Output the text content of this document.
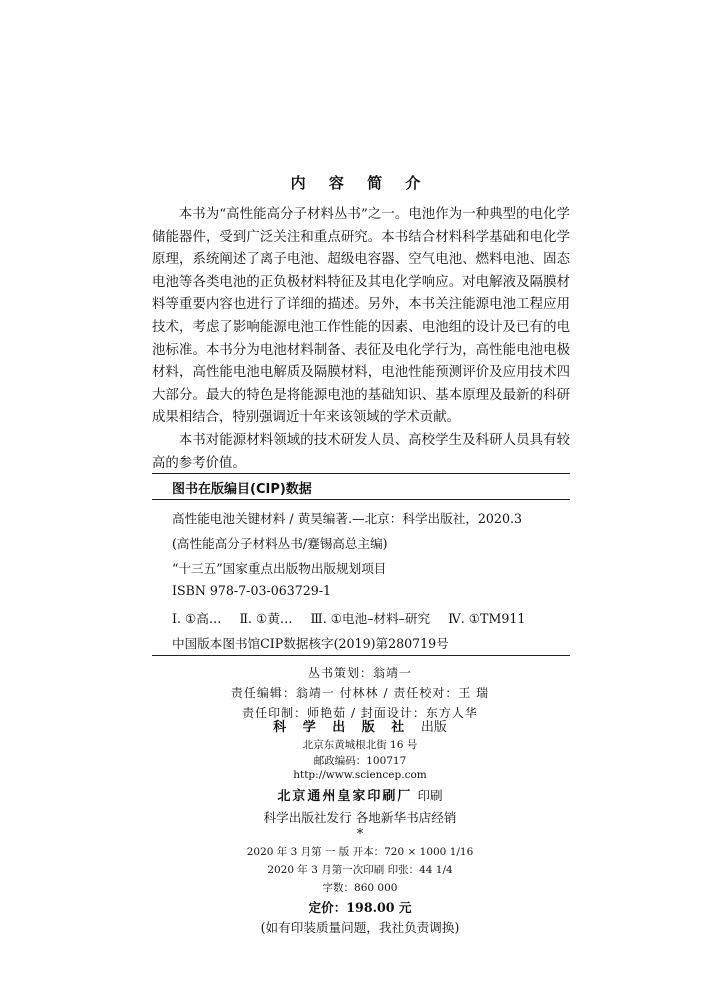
内 容 简 介

本书为“高性能高分子材料丛书”之一。电池作为一种典型的电化学储能器件，受到广泛关注和重点研究。本书结合材料科学基础和电化学原理，系统阐述了离子电池、超级电容器、空气电池、燃料电池、固态电池等各类电池的正负极材料特征及其电化学响应。对电解液及隔膜材料等重要内容也进行了详细的描述。另外，本书关注能源电池工程应用技术，考虑了影响能源电池工作性能的因素、电池组的设计及已有的电池标准。本书分为电池材料制备、表征及电化学行为，高性能电池电极材料，高性能电池电解质及隔膜材料，电池性能预测评价及应用技术四大部分。最大的特色是将能源电池的基础知识、基本原理及最新的科研成果相结合，特别强调近十年来该领域的学术贡献。

本书对能源材料领域的技术研发人员、高校学生及科研人员具有较高的参考价值。

图书在版编目(CIP)数据
高性能电池关键材料 / 黄昊编著.—北京：科学出版社，2020.3
(高性能高分子材料丛书/蹇锡高总主编)
“十三五”国家重点出版物出版规划项目
ISBN 978-7-03-063729-1
Ⅰ. ①高… Ⅱ. ①黄… Ⅲ. ①电池–材料–研究 Ⅳ. ①TM911
中国版本图书馆CIP数据核字(2019)第280719号
丛书策划：翁靖一
责任编辑：翁靖一 付林林 / 责任校对：王 瑞
责任印制：师艳茹 / 封面设计：东方人华
科 学 出 版 社 出版
北京东黄城根北街 16 号
邮政编码：100717
http://www.sciencep.com
北京通州皇家印刷厂 印刷
科学出版社发行 各地新华书店经销
*
2020 年 3 月第 一 版 开本：720 × 1000 1/16
2020 年 3 月第一次印刷 印张：44 1/4
字数：860 000
定价：198.00 元
(如有印装质量问题，我社负责调换)
